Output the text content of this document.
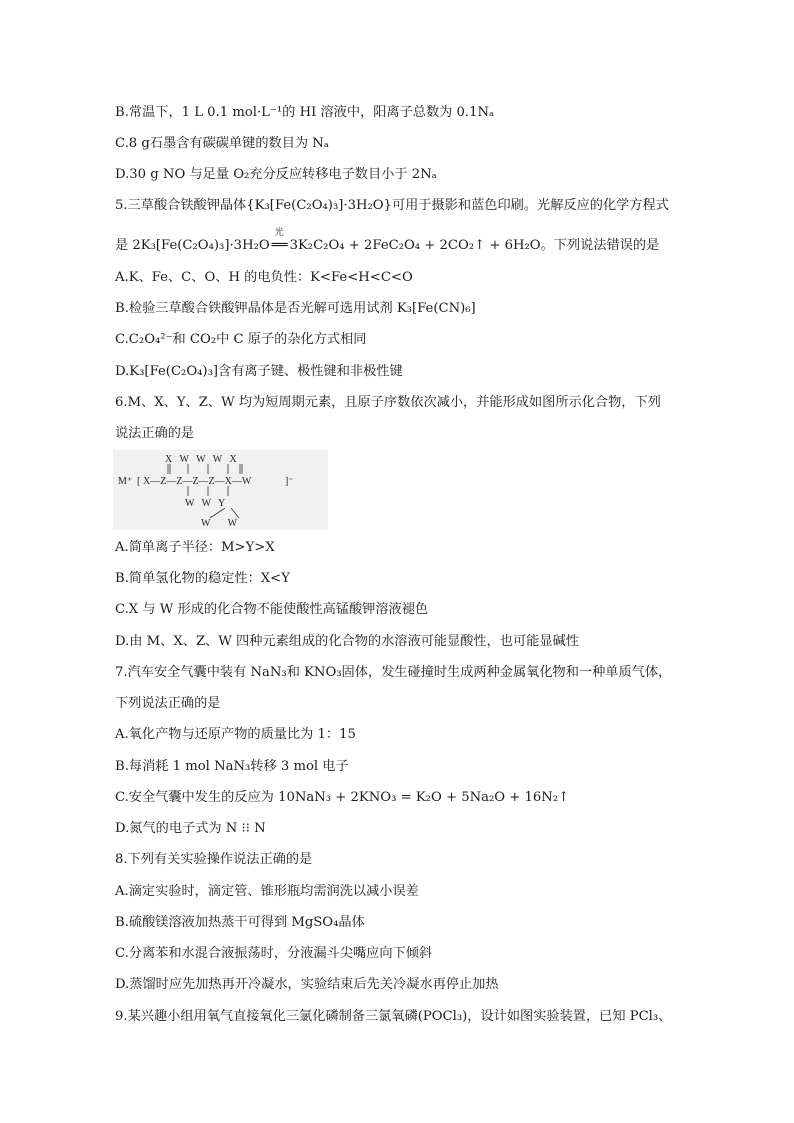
B.常温下，1 L 0.1 mol·L⁻¹的 HI 溶液中，阳离子总数为 0.1Nₐ
C.8 g石墨含有碳碳单键的数目为 Nₐ
D.30 g NO 与足量 O₂充分反应转移电子数目小于 2Nₐ
5.三草酸合铁酸钾晶体{K₃[Fe(C₂O₄)₃]·3H₂O}可用于摄影和蓝色印刷。光解反应的化学方程式
是 2K₃[Fe(C₂O₄)₃]·3H₂O
光
══ 3K₂C₂O₄ + 2FeC₂O₄ + 2CO₂↑ + 6H₂O。下列说法错误的是
A.K、Fe、C、O、H 的电负性：K<Fe<H<C<O
B.检验三草酸合铁酸钾晶体是否光解可选用试剂 K₃[Fe(CN)₆]
C.C₂O₄²⁻和 CO₂中 C 原子的杂化方式相同
D.K₃[Fe(C₂O₄)₃]含有离子键、极性键和非极性键
6.M、X、Y、Z、W 均为短周期元素，且原子序数依次减小，并能形成如图所示化合物，下列
说法正确的是
X   W   W   W   X
M⁺ [ X—Z—Z—Z—Z—X—W	]⁻
W   W   Y
W       W
A.简单离子半径：M>Y>X
B.简单氢化物的稳定性：X<Y
C.X 与 W 形成的化合物不能使酸性高锰酸钾溶液褪色
D.由 M、X、Z、W 四种元素组成的化合物的水溶液可能显酸性，也可能显碱性
7.汽车安全气囊中装有 NaN₃和 KNO₃固体，发生碰撞时生成两种金属氧化物和一种单质气体，
下列说法正确的是
A.氧化产物与还原产物的质量比为 1：15
B.每消耗 1 mol NaN₃转移 3 mol 电子
C.安全气囊中发生的反应为 10NaN₃ + 2KNO₃ = K₂O + 5Na₂O + 16N₂↑
D.氮气的电子式为 N ⁝⁝ N
8.下列有关实验操作说法正确的是
A.滴定实验时，滴定管、锥形瓶均需润洗以减小误差
B.硫酸镁溶液加热蒸干可得到 MgSO₄晶体
C.分离苯和水混合液振荡时，分液漏斗尖嘴应向下倾斜
D.蒸馏时应先加热再开冷凝水，实验结束后先关冷凝水再停止加热
9.某兴趣小组用氧气直接氧化三氯化磷制备三氯氧磷(POCl₃)，设计如图实验装置，已知 PCl₃、
